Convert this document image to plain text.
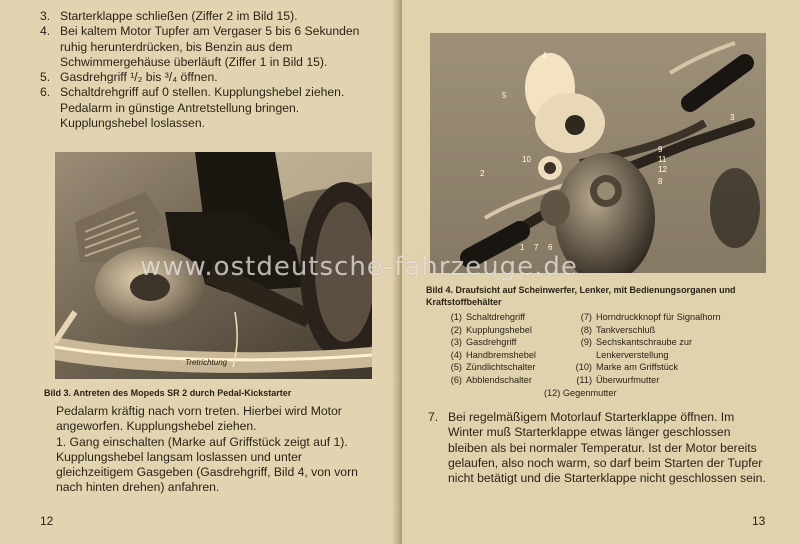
3. Starterklappe schließen (Ziffer 2 im Bild 15).
4. Bei kaltem Motor Tupfer am Vergaser 5 bis 6 Sekunden ruhig herunterdrücken, bis Benzin aus dem Schwimmergehäuse überläuft (Ziffer 1 in Bild 15).
5. Gasdrehgriff ¹/₂ bis ³/₄ öffnen.
6. Schaltdrehgriff auf 0 stellen. Kupplungshebel ziehen. Pedalarm in günstige Antretstellung bringen. Kupplungshebel loslassen.
Tretrichtung
Bild 3. Antreten des Mopeds SR 2 durch Pedal-Kickstarter

Pedalarm kräftig nach vorn treten. Hierbei wird Motor angeworfen. Kupplungshebel ziehen.

1. Gang einschalten (Marke auf Griffstück zeigt auf 1). Kupplungshebel langsam loslassen und unter gleichzeitigem Gasgeben (Gasdrehgriff, Bild 4, von vorn nach hinten drehen) anfahren.

12
5
3
10
9
11
12
8
2
1 7 6
4
Bild 4. Draufsicht auf Scheinwerfer, Lenker, mit Bedienungsorganen und Kraftstoffbehälter
(1) Schaltdrehgriff	(7) Horndruckknopf für Signalhorn
(2) Kupplungshebel	(8) Tankverschluß
(3) Gasdrehgriff	(9) Sechskantschraube zur
(4) Handbremshebel	Lenkerverstellung
(5) Zündlichtschalter	(10) Marke am Griffstück
(6) Abblendschalter	(11) Überwurfmutter
(12) Gegenmutter
7. Bei regelmäßigem Motorlauf Starterklappe öffnen. Im Winter muß Starterklappe etwas länger geschlossen bleiben als bei normaler Temperatur. Ist der Motor bereits gelaufen, also noch warm, so darf beim Starten der Tupfer nicht betätigt und die Starterklappe nicht geschlossen sein.
13
www.ostdeutsche-fahrzeuge.de
